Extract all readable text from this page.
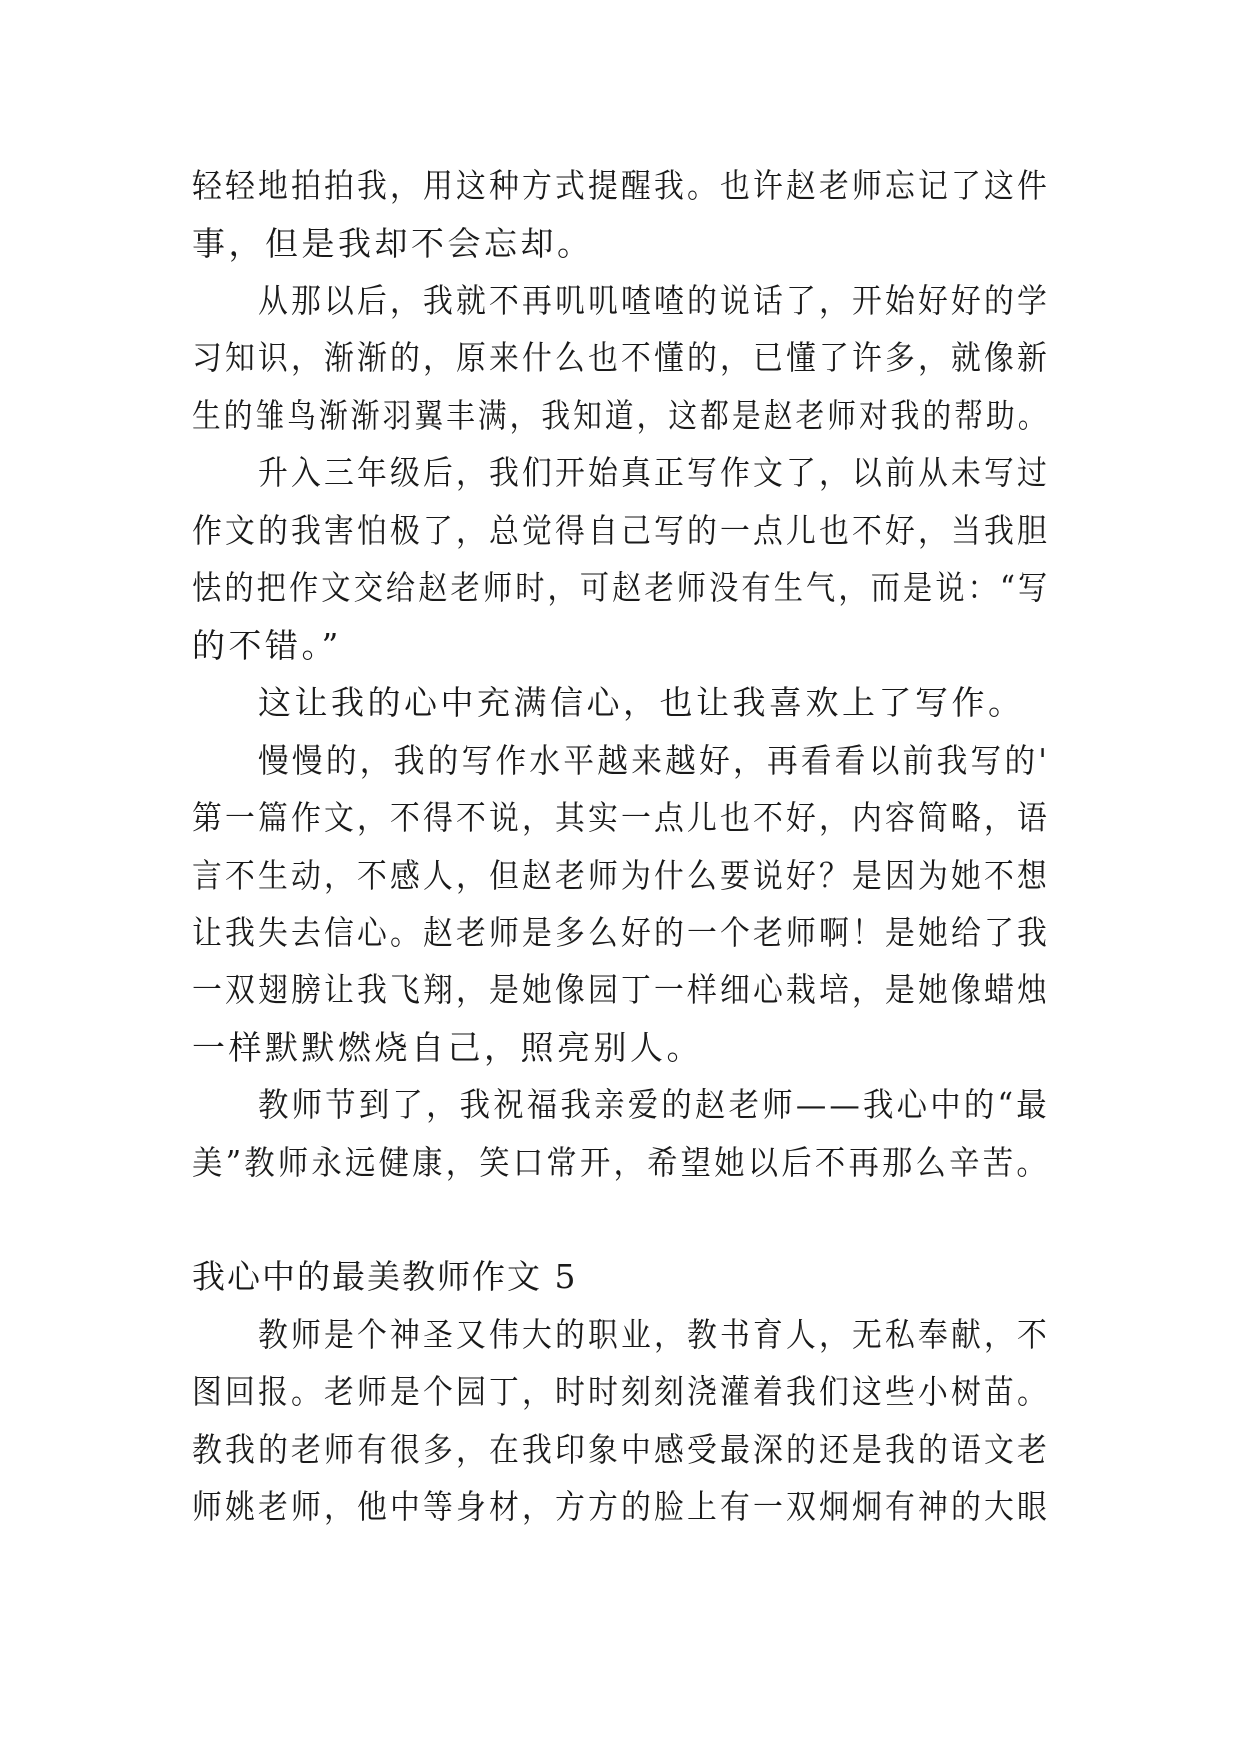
轻轻地拍拍我，用这种方式提醒我。也许赵老师忘记了这件
事，但是我却不会忘却。
从那以后，我就不再叽叽喳喳的说话了，开始好好的学
习知识，渐渐的，原来什么也不懂的，已懂了许多，就像新
生的雏鸟渐渐羽翼丰满，我知道，这都是赵老师对我的帮助。
升入三年级后，我们开始真正写作文了，以前从未写过
作文的我害怕极了，总觉得自己写的一点儿也不好，当我胆
怯的把作文交给赵老师时，可赵老师没有生气，而是说：“写
的不错。”
这让我的心中充满信心，也让我喜欢上了写作。
慢慢的，我的写作水平越来越好，再看看以前我写的'
第一篇作文，不得不说，其实一点儿也不好，内容简略，语
言不生动，不感人，但赵老师为什么要说好？是因为她不想
让我失去信心。赵老师是多么好的一个老师啊！是她给了我
一双翅膀让我飞翔，是她像园丁一样细心栽培，是她像蜡烛
一样默默燃烧自己，照亮别人。
教师节到了，我祝福我亲爱的赵老师——我心中的“最
美”教师永远健康，笑口常开，希望她以后不再那么辛苦。
我心中的最美教师作文 5
教师是个神圣又伟大的职业，教书育人，无私奉献，不
图回报。老师是个园丁，时时刻刻浇灌着我们这些小树苗。
教我的老师有很多，在我印象中感受最深的还是我的语文老
师姚老师，他中等身材，方方的脸上有一双炯炯有神的大眼
